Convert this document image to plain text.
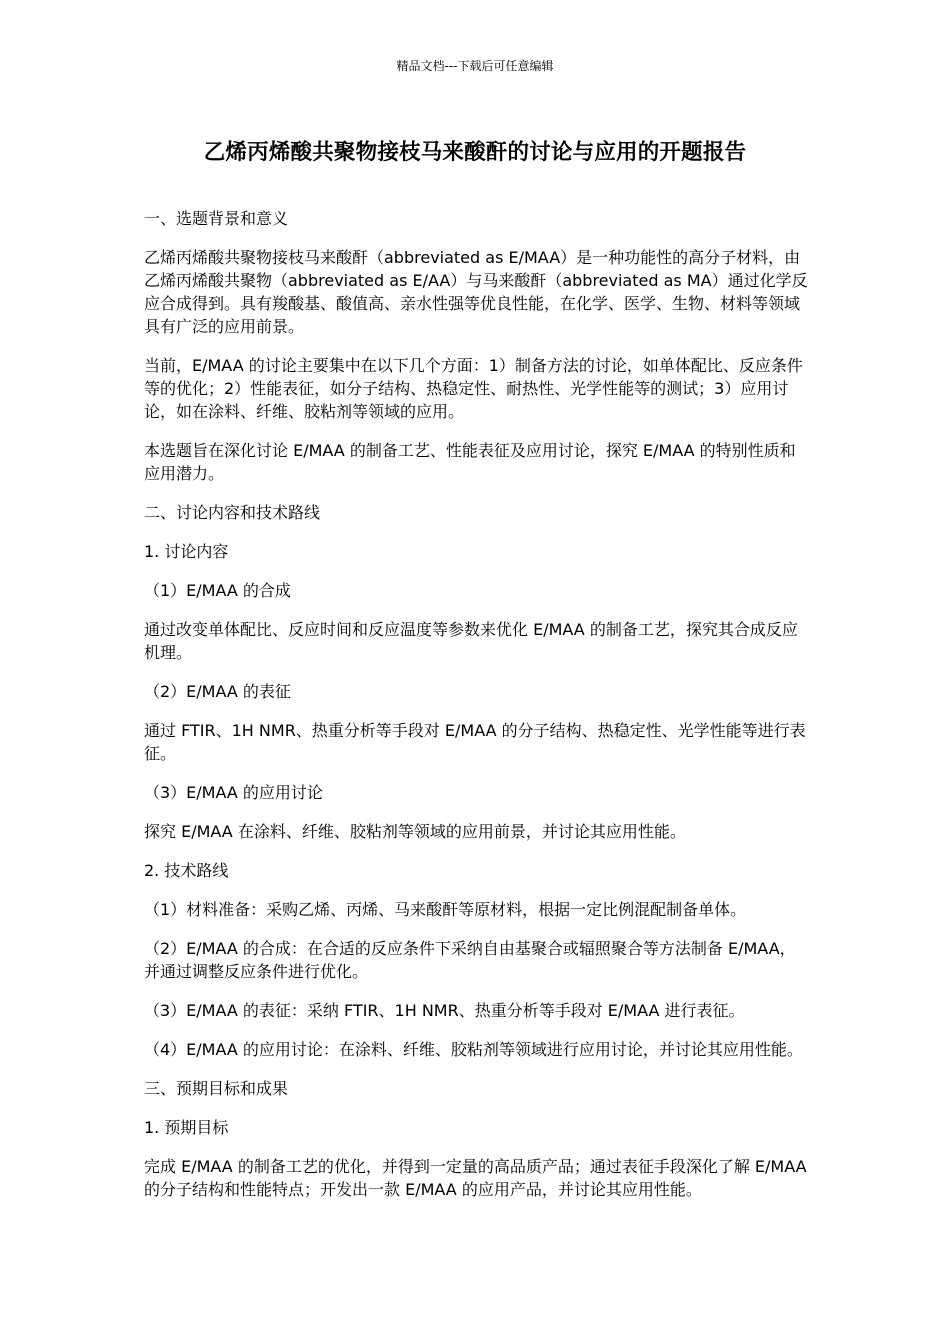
精品文档---下载后可任意编辑
乙烯丙烯酸共聚物接枝马来酸酐的讨论与应用的开题报告

一、选题背景和意义

乙烯丙烯酸共聚物接枝马来酸酐（abbreviated as E/MAA）是一种功能性的高分子材料，由乙烯丙烯酸共聚物（abbreviated as E/AA）与马来酸酐（abbreviated as MA）通过化学反应合成得到。具有羧酸基、酸值高、亲水性强等优良性能，在化学、医学、生物、材料等领域具有广泛的应用前景。

当前，E/MAA 的讨论主要集中在以下几个方面：1）制备方法的讨论，如单体配比、反应条件等的优化；2）性能表征，如分子结构、热稳定性、耐热性、光学性能等的测试；3）应用讨论，如在涂料、纤维、胶粘剂等领域的应用。

本选题旨在深化讨论 E/MAA 的制备工艺、性能表征及应用讨论，探究 E/MAA 的特别性质和应用潜力。

二、讨论内容和技术路线

1. 讨论内容

（1）E/MAA 的合成

通过改变单体配比、反应时间和反应温度等参数来优化 E/MAA 的制备工艺，探究其合成反应机理。

（2）E/MAA 的表征

通过 FTIR、1H NMR、热重分析等手段对 E/MAA 的分子结构、热稳定性、光学性能等进行表征。

（3）E/MAA 的应用讨论

探究 E/MAA 在涂料、纤维、胶粘剂等领域的应用前景，并讨论其应用性能。

2. 技术路线

（1）材料准备：采购乙烯、丙烯、马来酸酐等原材料，根据一定比例混配制备单体。

（2）E/MAA 的合成：在合适的反应条件下采纳自由基聚合或辐照聚合等方法制备 E/MAA，并通过调整反应条件进行优化。

（3）E/MAA 的表征：采纳 FTIR、1H NMR、热重分析等手段对 E/MAA 进行表征。

（4）E/MAA 的应用讨论：在涂料、纤维、胶粘剂等领域进行应用讨论，并讨论其应用性能。

三、预期目标和成果

1. 预期目标

完成 E/MAA 的制备工艺的优化，并得到一定量的高品质产品；通过表征手段深化了解 E/MAA 的分子结构和性能特点；开发出一款 E/MAA 的应用产品，并讨论其应用性能。
